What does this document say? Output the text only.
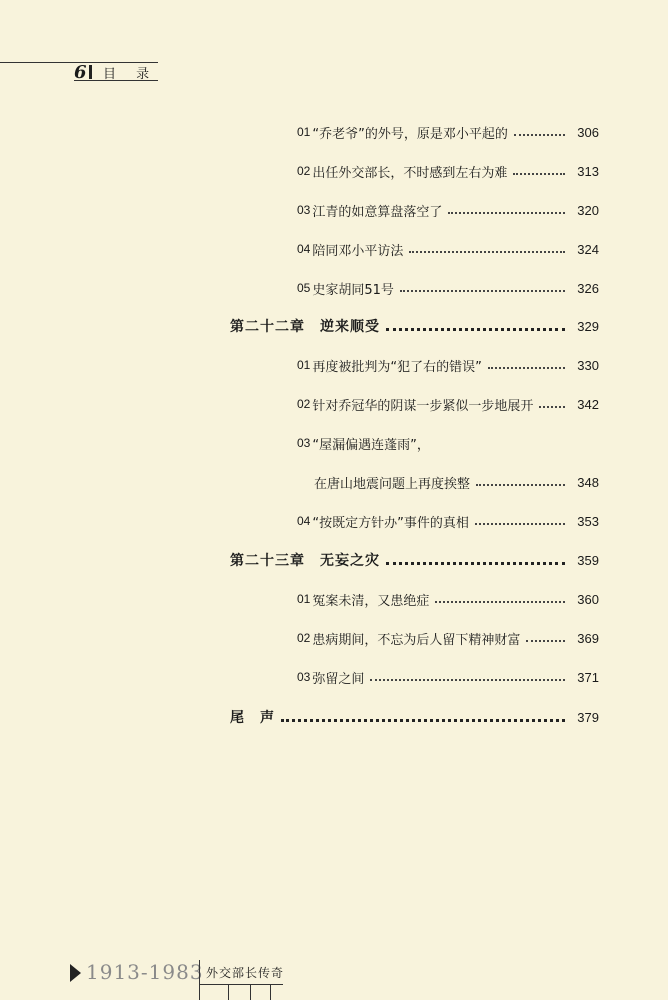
6 目 录
01 “乔老爷”的外号，原是邓小平起的	306
02 出任外交部长，不时感到左右为难	313
03 江青的如意算盘落空了	320
04 陪同邓小平访法	324
05 史家胡同51号	326
第二十二章　逆来顺受	329
01 再度被批判为“犯了右的错误”	330
02 针对乔冠华的阴谋一步紧似一步地展开	342
03 “屋漏偏遇连蓬雨”，
在唐山地震问题上再度挨整	348
04 “按既定方针办”事件的真相	353
第二十三章　无妄之灾	359
01 冤案未清，又患绝症	360
02 患病期间，不忘为后人留下精神财富	369
03 弥留之间	371
尾　声	379
1913-1983 外交部长传奇
